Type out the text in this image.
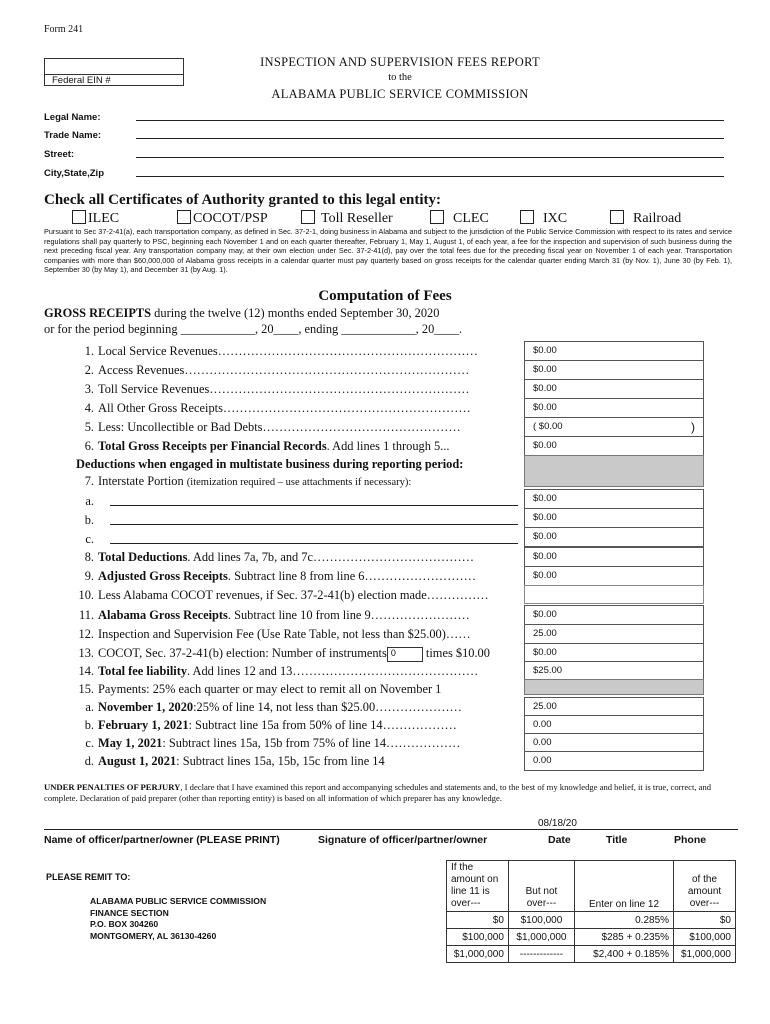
Form 241
Federal EIN #
INSPECTION AND SUPERVISION FEES REPORT
to the
ALABAMA PUBLIC SERVICE COMMISSION
Legal Name:
Trade Name:
Street:
City,State,Zip
Check all Certificates of Authority granted to this legal entity:
ILEC	COCOT/PSP	Toll Reseller	CLEC	IXC	Railroad
Pursuant to Sec 37-2-41(a), each transportation company, as defined in Sec. 37-2-1, doing business in Alabama and subject to the jurisdiction of the Public Service Commission with respect to its rates and service regulations shall pay quarterly to PSC, beginning each November 1 and on each quarter thereafter, February 1, May 1, August 1, of each year, a fee for the inspection and supervision of such business during the next preceding fiscal year. Any transportation company may, at their own election under Sec. 37-2-41(d), pay over the total fees due for the preceding fiscal year on November 1 of each year. Transportation companies with more than $60,000,000 of Alabama gross receipts in a calendar quarter must pay quarterly based on gross receipts for the calendar quarter ending March 31 (by Nov. 1), June 30 (by Feb. 1), September 30 (by May 1), and December 31 (by Aug. 1).
Computation of Fees
GROSS RECEIPTS during the twelve (12) months ended September 30, 2020
or for the period beginning ____________, 20____, ending ____________, 20____.
1. Local Service Revenues………………………………………………………	$0.00
2. Access Revenues……………………………………………………………	$0.00
3. Toll Service Revenues………………………………………………………	$0.00
4. All Other Gross Receipts……………………………………………………	$0.00
5. Less: Uncollectible or Bad Debts…………………………………………	( $0.00	)
6. Total Gross Receipts per Financial Records. Add lines 1 through 5...	$0.00
Deductions when engaged in multistate business during reporting period:
7. Interstate Portion (itemization required – use attachments if necessary):
a.	$0.00
b.	$0.00
c.	$0.00
8. Total Deductions. Add lines 7a, 7b, and 7c…………………………………	$0.00
9. Adjusted Gross Receipts. Subtract line 8 from line 6………………………	$0.00
10. Less Alabama COCOT revenues, if Sec. 37-2-41(b) election made……………
11. Alabama Gross Receipts. Subtract line 10 from line 9……………………	$0.00
12. Inspection and Supervision Fee (Use Rate Table, not less than $25.00)……	25.00
13. COCOT, Sec. 37-2-41(b) election: Number of instruments 0 times $10.00	$0.00
14. Total fee liability. Add lines 12 and 13………………………………………	$25.00
15. Payments: 25% each quarter or may elect to remit all on November 1
a. November 1, 2020:25% of line 14, not less than $25.00…………………	25.00
b. February 1, 2021: Subtract line 15a from 50% of line 14………………	0.00
c. May 1, 2021: Subtract lines 15a, 15b from 75% of line 14………………	0.00
d. August 1, 2021: Subtract lines 15a, 15b, 15c from line 14	0.00
UNDER PENALTIES OF PERJURY, I declare that I have examined this report and accompanying schedules and statements and, to the best of my knowledge and belief, it is true, correct, and complete. Declaration of paid preparer (other than reporting entity) is based on all information of which preparer has any knowledge.
08/18/20
Name of officer/partner/owner (PLEASE PRINT)	Signature of officer/partner/owner	Date	Title	Phone
PLEASE REMIT TO:
ALABAMA PUBLIC SERVICE COMMISSION
FINANCE SECTION
P.O. BOX 304260
MONTGOMERY, AL 36130-4260
If the amount on line 11 is over---	But not over---	Enter on line 12	of the amount over---
$0	$100,000	0.285%	$0
$100,000	$1,000,000	$285 + 0.235%	$100,000
$1,000,000	-------------	$2,400 + 0.185%	$1,000,000
